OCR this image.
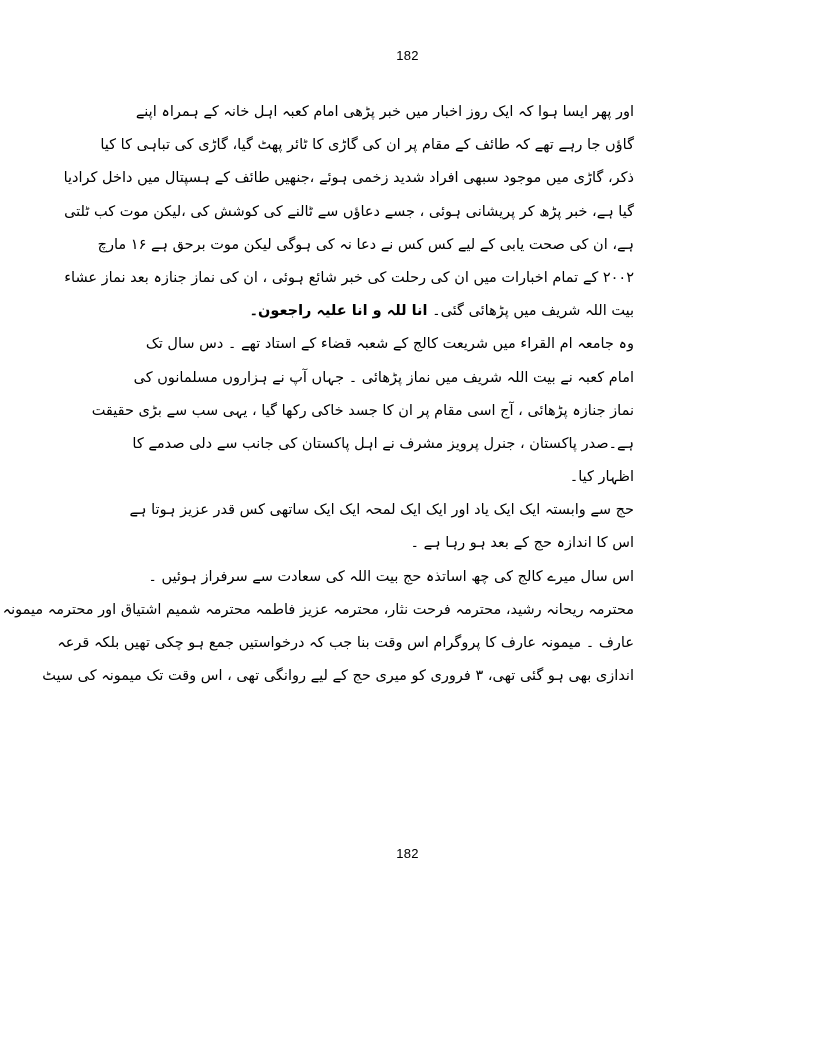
182
اور پھر ایسا ہوا کہ ایک روز اخبار میں خبر پڑھی امام کعبہ اہل خانہ کے ہمراہ اپنے
گاؤں جا رہے تھے کہ طائف کے مقام پر ان کی گاڑی کا ٹائر پھٹ گیا، گاڑی کی تباہی کا کیا
ذکر، گاڑی میں موجود سبھی افراد شدید زخمی ہوئے ،جنھیں طائف کے ہسپتال میں داخل کرادیا
گیا ہے، خبر پڑھ کر پریشانی ہوئی ، جسے دعاؤں سے ٹالنے کی کوشش کی ،لیکن موت کب ٹلتی
ہے، ان کی صحت یابی کے لیے کس کس نے دعا نہ کی ہوگی لیکن موت برحق ہے ۱۶ مارچ
۲۰۰۲ کے تمام اخبارات میں ان کی رحلت کی خبر شائع ہوئی ، ان کی نماز جنازہ بعد نماز عشاء
بیت اللہ شریف میں پڑھائی گئی۔ انا للہ و انا علیہ راجعون۔
وہ جامعہ ام القراء میں شریعت کالج کے شعبہ قضاء کے استاد تھے ۔ دس سال تک
امام کعبہ نے بیت اللہ شریف میں نماز پڑھائی ۔ جہاں آپ نے ہزاروں مسلمانوں کی
نماز جنازہ پڑھائی ، آج اسی مقام پر ان کا جسد خاکی رکھا گیا ، یہی سب سے بڑی حقیقت
ہے۔صدر پاکستان ، جنرل پرویز مشرف نے اہل پاکستان کی جانب سے دلی صدمے کا
اظہار کیا۔
حج سے وابستہ ایک ایک یاد اور ایک ایک لمحہ ایک ایک ساتھی کس قدر عزیز ہوتا ہے
اس کا اندازہ حج کے بعد ہو رہا ہے ۔
اس سال میرے کالج کی چھ اساتذہ حج بیت اللہ کی سعادت سے سرفراز ہوئیں ۔
محترمہ ریحانہ رشید، محترمہ فرحت نثار، محترمہ عزیز فاطمہ محترمہ شمیم اشتیاق اور محترمہ میمونہ
عارف ۔ میمونہ عارف کا پروگرام اس وقت بنا جب کہ درخواستیں جمع ہو چکی تھیں بلکہ قرعہ
اندازی بھی ہو گئی تھی، ۳ فروری کو میری حج کے لیے روانگی تھی ، اس وقت تک میمونہ کی سیٹ
182
